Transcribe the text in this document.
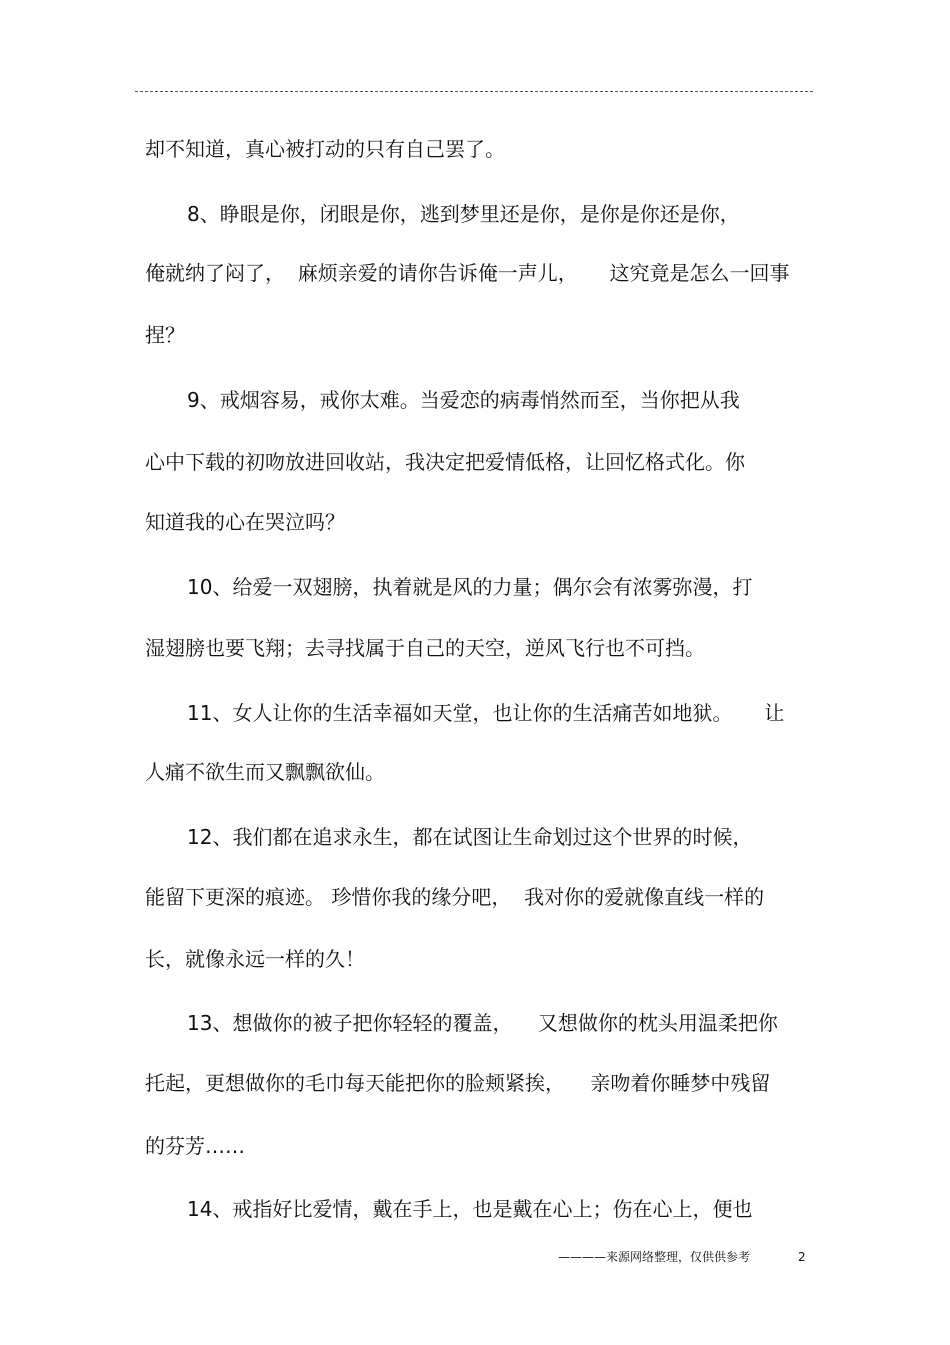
却不知道，真心被打动的只有自己罢了。
8、睁眼是你，闭眼是你，逃到梦里还是你，是你是你还是你，
俺就纳了闷了，  麻烦亲爱的请你告诉俺一声儿，     这究竟是怎么一回事
捏？
9、戒烟容易，戒你太难。当爱恋的病毒悄然而至，当你把从我
心中下载的初吻放进回收站，我决定把爱情低格，让回忆格式化。你
知道我的心在哭泣吗？
10、给爱一双翅膀，执着就是风的力量；偶尔会有浓雾弥漫，打
湿翅膀也要飞翔；去寻找属于自己的天空，逆风飞行也不可挡。
11、女人让你的生活幸福如天堂，也让你的生活痛苦如地狱。     让
人痛不欲生而又飘飘欲仙。
12、我们都在追求永生，都在试图让生命划过这个世界的时候，
能留下更深的痕迹。 珍惜你我的缘分吧，  我对你的爱就像直线一样的
长，就像永远一样的久！
13、想做你的被子把你轻轻的覆盖，    又想做你的枕头用温柔把你
托起，更想做你的毛巾每天能把你的脸颊紧挨，    亲吻着你睡梦中残留
的芬芳……
14、戒指好比爱情，戴在手上，也是戴在心上；伤在心上，便也
————来源网络整理，仅供供参考	2
